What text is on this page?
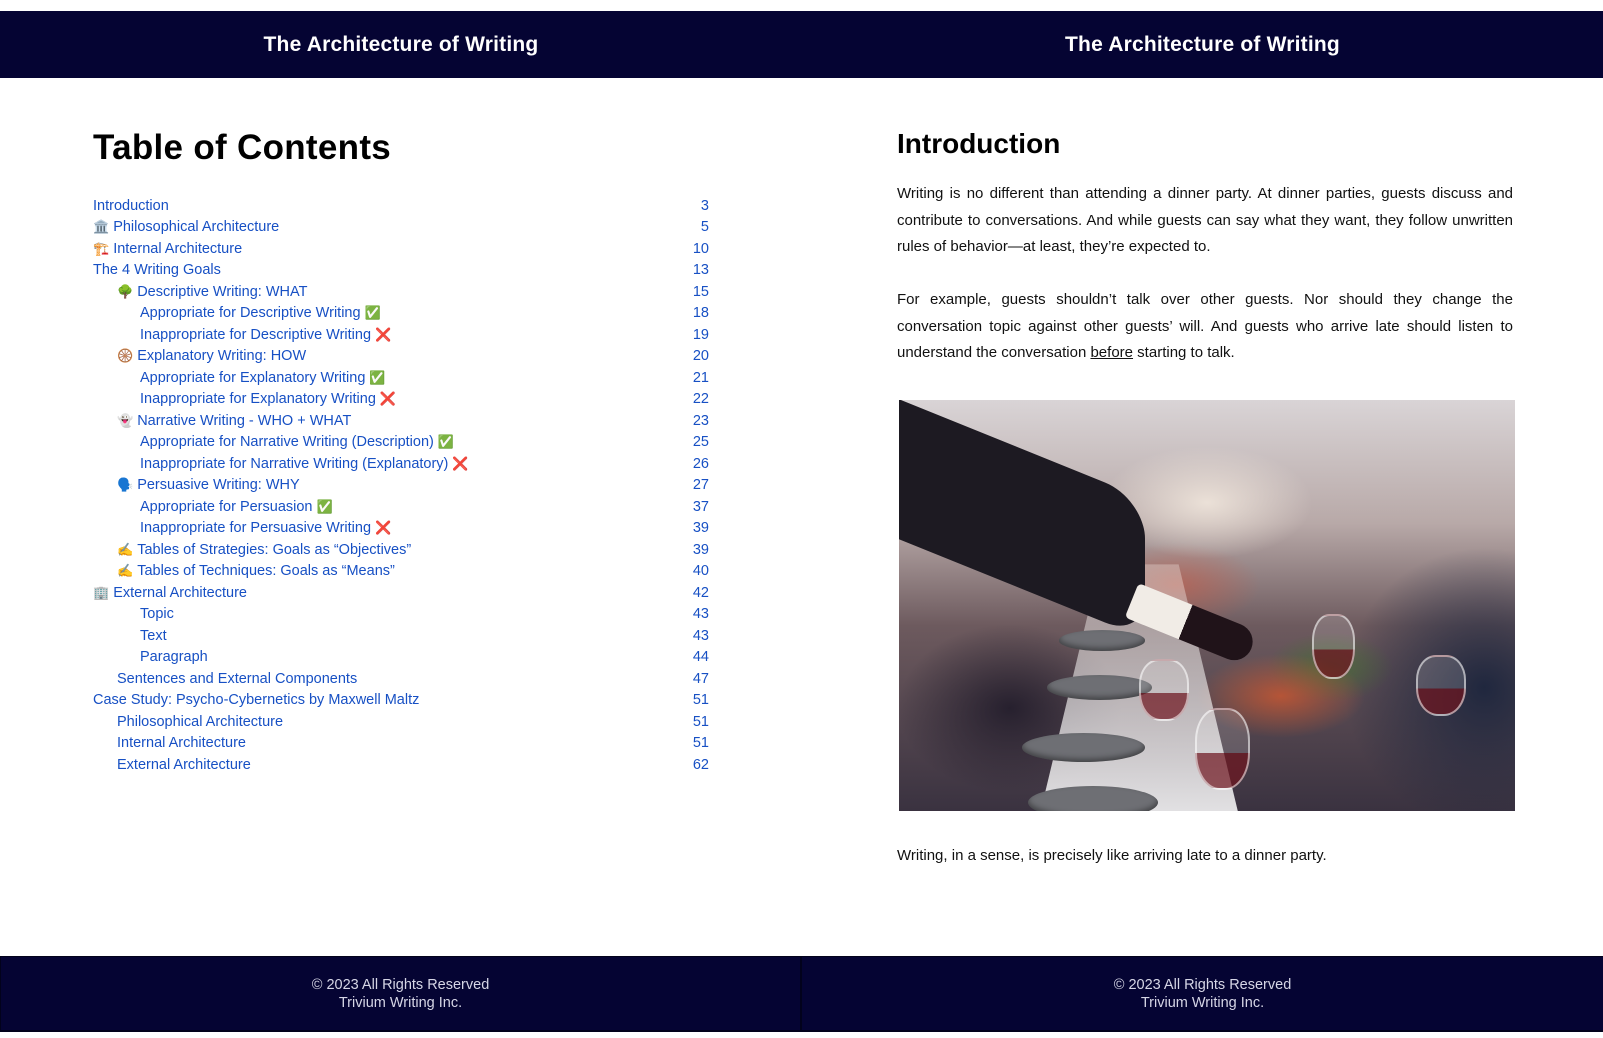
The Architecture of Writing
Table of Contents
Introduction	3
🏛️ Philosophical Architecture	5
🏗️ Internal Architecture	10
The 4 Writing Goals	13
🌳 Descriptive Writing: WHAT	15
Appropriate for Descriptive Writing ✅	18
Inappropriate for Descriptive Writing ❌	19
🛞 Explanatory Writing: HOW	20
Appropriate for Explanatory Writing ✅	21
Inappropriate for Explanatory Writing ❌	22
👻 Narrative Writing - WHO + WHAT	23
Appropriate for Narrative Writing (Description) ✅	25
Inappropriate for Narrative Writing (Explanatory) ❌	26
🗣️ Persuasive Writing: WHY	27
Appropriate for Persuasion ✅	37
Inappropriate for Persuasive Writing ❌	39
✍️ Tables of Strategies: Goals as “Objectives”	39
✍️ Tables of Techniques: Goals as “Means”	40
🏢 External Architecture	42
Topic	43
Text	43
Paragraph	44
Sentences and External Components	47
Case Study: Psycho-Cybernetics by Maxwell Maltz	51
Philosophical Architecture	51
Internal Architecture	51
External Architecture	62
© 2023 All Rights Reserved
Trivium Writing Inc.
The Architecture of Writing
Introduction

Writing is no different than attending a dinner party. At dinner parties, guests discuss and contribute to conversations. And while guests can say what they want, they follow unwritten rules of behavior—at least, they’re expected to.

For example, guests shouldn’t talk over other guests. Nor should they change the conversation topic against other guests’ will. And guests who arrive late should listen to understand the conversation before starting to talk.

Writing, in a sense, is precisely like arriving late to a dinner party.

© 2023 All Rights Reserved
Trivium Writing Inc.
